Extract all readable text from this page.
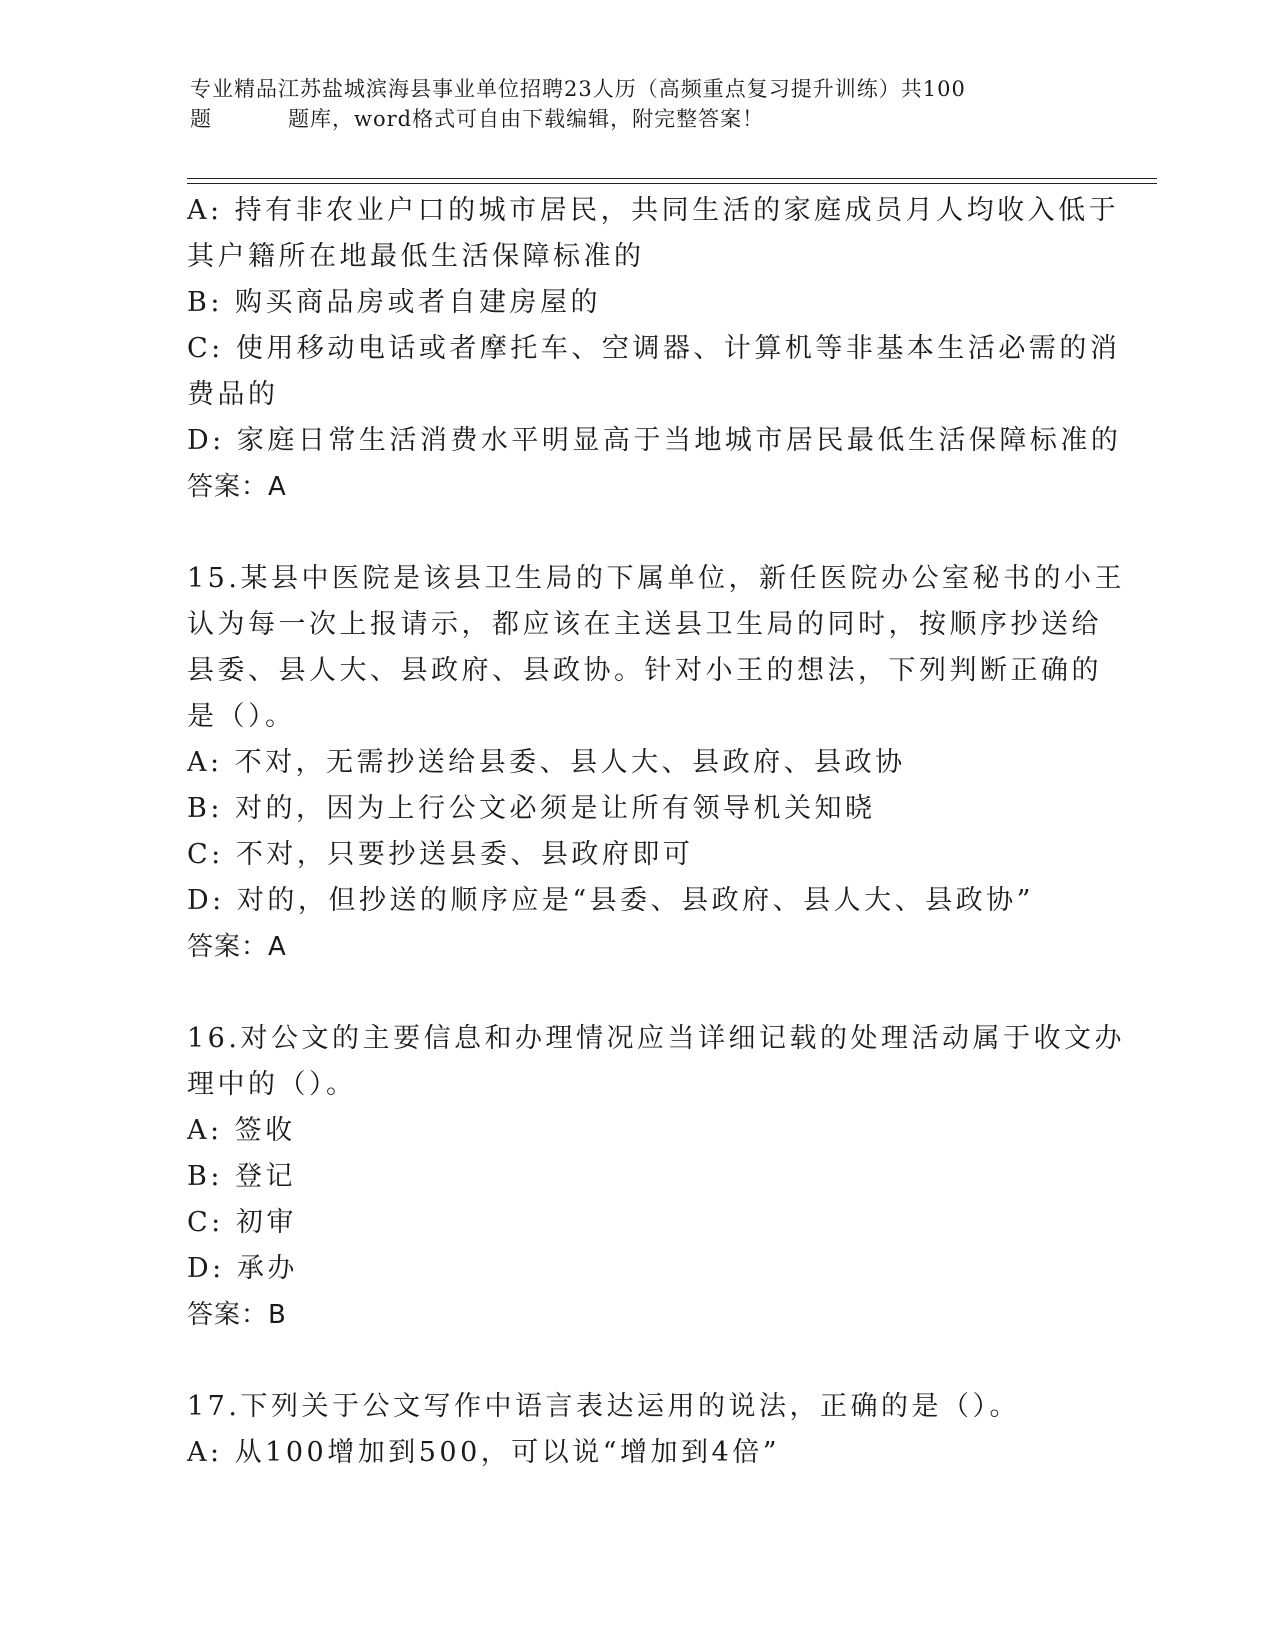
专业精品江苏盐城滨海县事业单位招聘23人历（高频重点复习提升训练）共100
题	题库，word格式可自由下载编辑，附完整答案！
A: 持有非农业户口的城市居民，共同生活的家庭成员月人均收入低于
其户籍所在地最低生活保障标准的
B: 购买商品房或者自建房屋的
C: 使用移动电话或者摩托车、空调器、计算机等非基本生活必需的消
费品的
D: 家庭日常生活消费水平明显高于当地城市居民最低生活保障标准的
答案：A
15.某县中医院是该县卫生局的下属单位，新任医院办公室秘书的小王
认为每一次上报请示，都应该在主送县卫生局的同时，按顺序抄送给
县委、县人大、县政府、县政协。针对小王的想法，下列判断正确的
是（）。
A: 不对，无需抄送给县委、县人大、县政府、县政协
B: 对的，因为上行公文必须是让所有领导机关知晓
C: 不对，只要抄送县委、县政府即可
D: 对的，但抄送的顺序应是“县委、县政府、县人大、县政协”
答案：A
16.对公文的主要信息和办理情况应当详细记载的处理活动属于收文办
理中的（）。
A: 签收
B: 登记
C: 初审
D: 承办
答案：B
17.下列关于公文写作中语言表达运用的说法，正确的是（）。
A: 从100增加到500，可以说“增加到4倍”
